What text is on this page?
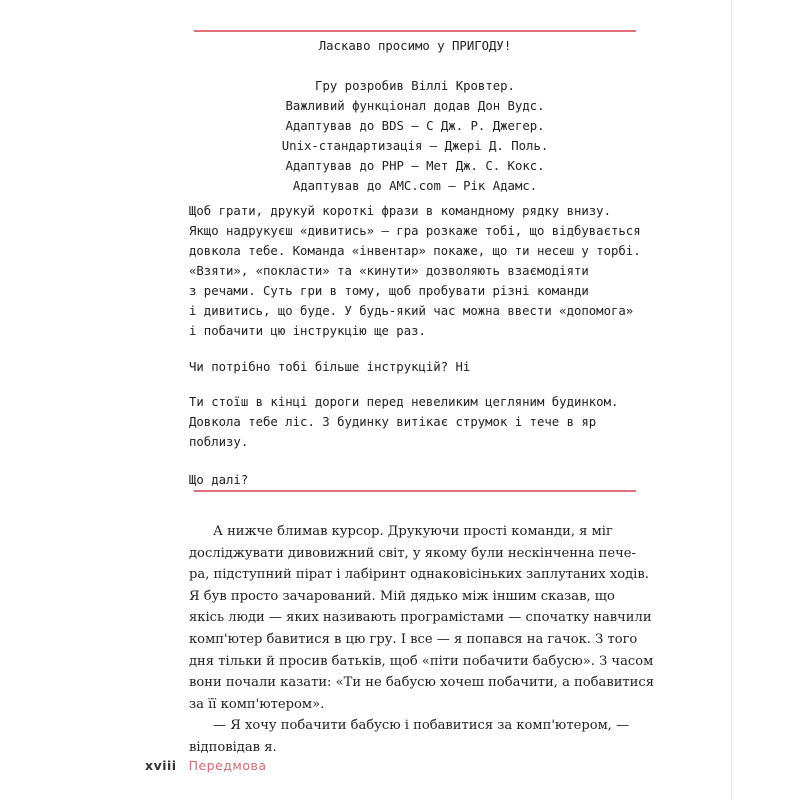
Ласкаво просимо у ПРИГОДУ!
Гру розробив Віллі Кровтер.
Важливий функціонал додав Дон Вудс.
Адаптував до BDS — С Дж. Р. Джегер.
Unix-стандартизація — Джері Д. Поль.
Адаптував до PHP — Мет Дж. С. Кокс.
Адаптував до AMC.com — Рік Адамс.
Щоб грати, друкуй короткі фрази в командному рядку внизу.
Якщо надрукуєш «дивитись» — гра розкаже тобі, що відбувається
довкола тебе. Команда «інвентар» покаже, що ти несеш у торбі.
«Взяти», «покласти» та «кинути» дозволяють взаємодіяти
з речами. Суть гри в тому, щоб пробувати різні команди
і дивитись, що буде. У будь-який час можна ввести «допомога»
і побачити цю інструкцію ще раз.
Чи потрібно тобі більше інструкцій? Ні
Ти стоїш в кінці дороги перед невеликим цегляним будинком.
Довкола тебе ліс. З будинку витікає струмок і тече в яр
поблизу.
Що далі?
А нижче блимав курсор. Друкуючи прості команди, я міг
досліджувати дивовижний світ, у якому були нескінченна пече-
ра, підступний пірат і лабіринт однаковісіньких заплутаних ходів.
Я був просто зачарований. Мій дядько між іншим сказав, що
якісь люди — яких називають програмістами — спочатку навчили
комп'ютер бавитися в цю гру. І все — я попався на гачок. З того
дня тільки й просив батьків, щоб «піти побачити бабусю». З часом
вони почали казати: «Ти не бабусю хочеш побачити, а побавитися
за її комп'ютером».
— Я хочу побачити бабусю і побавитися за комп'ютером, —
відповідав я.
xviii Передмова
